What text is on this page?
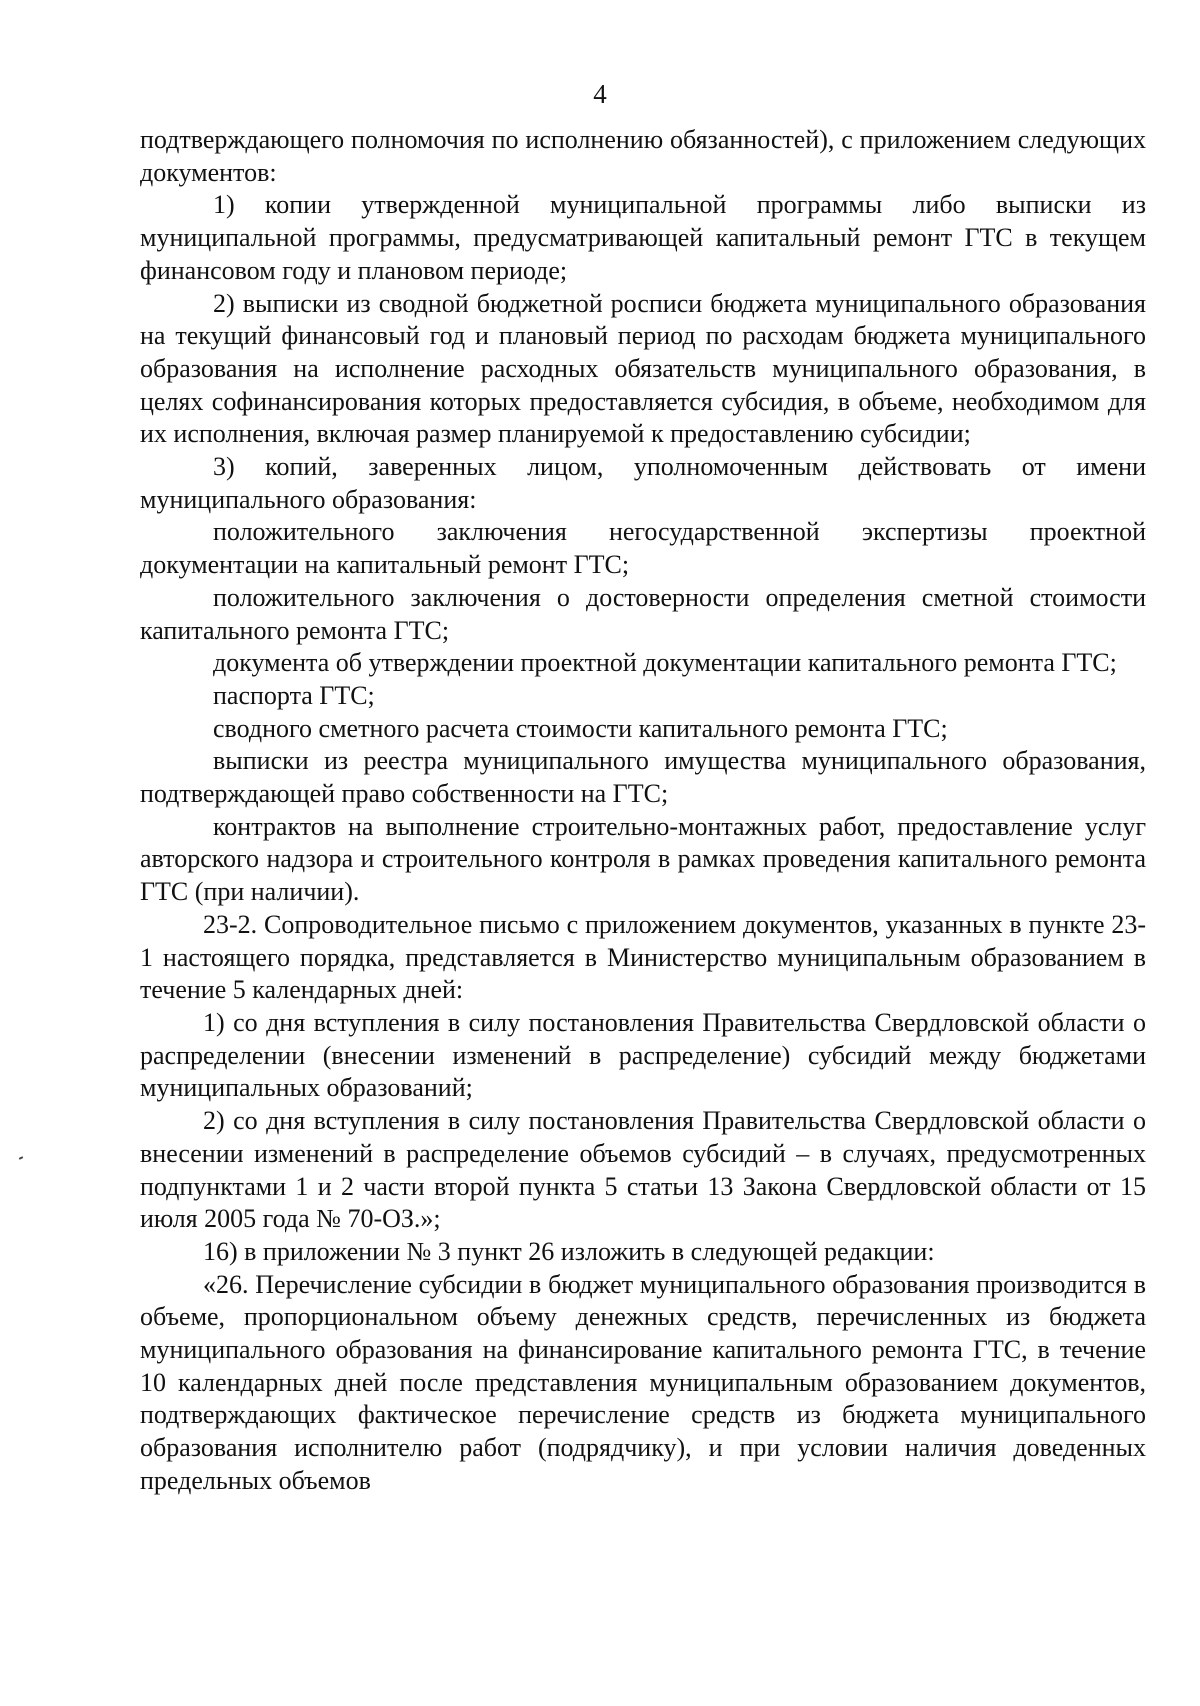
4

подтверждающего полномочия по исполнению обязанностей), с приложением следующих документов:

1) копии утвержденной муниципальной программы либо выписки из муниципальной программы, предусматривающей капитальный ремонт ГТС в текущем финансовом году и плановом периоде;

2) выписки из сводной бюджетной росписи бюджета муниципального образования на текущий финансовый год и плановый период по расходам бюджета муниципального образования на исполнение расходных обязательств муниципального образования, в целях софинансирования которых предоставляется субсидия, в объеме, необходимом для их исполнения, включая размер планируемой к предоставлению субсидии;

3) копий, заверенных лицом, уполномоченным действовать от имени муниципального образования:

положительного заключения негосударственной экспертизы проектной документации на капитальный ремонт ГТС;

положительного заключения о достоверности определения сметной стоимости капитального ремонта ГТС;

документа об утверждении проектной документации капитального ремонта ГТС;

паспорта ГТС;

сводного сметного расчета стоимости капитального ремонта ГТС;

выписки из реестра муниципального имущества муниципального образования, подтверждающей право собственности на ГТС;

контрактов на выполнение строительно-монтажных работ, предоставление услуг авторского надзора и строительного контроля в рамках проведения капитального ремонта ГТС (при наличии).

23-2. Сопроводительное письмо с приложением документов, указанных в пункте 23-1 настоящего порядка, представляется в Министерство муниципальным образованием в течение 5 календарных дней:

1) со дня вступления в силу постановления Правительства Свердловской области о распределении (внесении изменений в распределение) субсидий между бюджетами муниципальных образований;

2) со дня вступления в силу постановления Правительства Свердловской области о внесении изменений в распределение объемов субсидий – в случаях, предусмотренных подпунктами 1 и 2 части второй пункта 5 статьи 13 Закона Свердловской области от 15 июля 2005 года № 70-ОЗ.»;

16) в приложении № 3 пункт 26 изложить в следующей редакции:

«26. Перечисление субсидии в бюджет муниципального образования производится в объеме, пропорциональном объему денежных средств, перечисленных из бюджета муниципального образования на финансирование капитального ремонта ГТС, в течение 10 календарных дней после представления муниципальным образованием документов, подтверждающих фактическое перечисление средств из бюджета муниципального образования исполнителю работ (подрядчику), и при условии наличия доведенных предельных объемов
